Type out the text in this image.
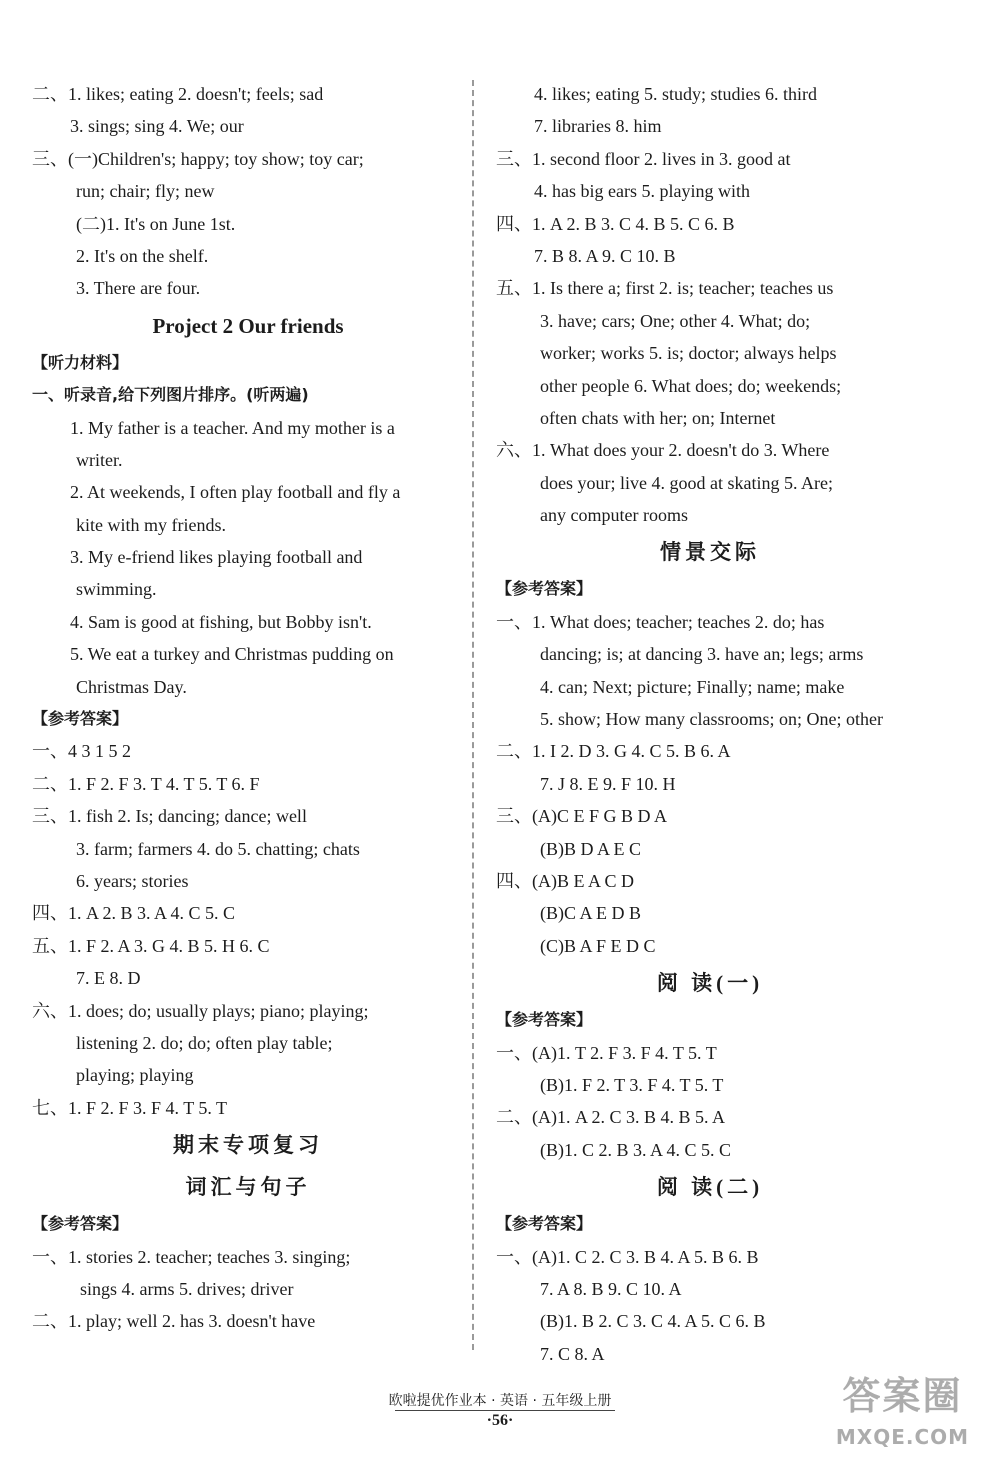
二、1. likes; eating 2. doesn't; feels; sad
3. sings; sing 4. We; our
三、(一)Children's; happy; toy show; toy car;
run; chair; fly; new
(二)1. It's on June 1st.
2. It's on the shelf.
3. There are four.
Project 2 Our friends
【听力材料】
一、听录音,给下列图片排序。(听两遍)
1. My father is a teacher. And my mother is a
writer.
2. At weekends, I often play football and fly a
kite with my friends.
3. My e-friend likes playing football and
swimming.
4. Sam is good at fishing, but Bobby isn't.
5. We eat a turkey and Christmas pudding on
Christmas Day.
【参考答案】
一、4 3 1 5 2
二、1. F 2. F 3. T 4. T 5. T 6. F
三、1. fish 2. Is; dancing; dance; well
3. farm; farmers 4. do 5. chatting; chats
6. years; stories
四、1. A 2. B 3. A 4. C 5. C
五、1. F 2. A 3. G 4. B 5. H 6. C
7. E 8. D
六、1. does; do; usually plays; piano; playing;
listening 2. do; do; often play table;
playing; playing
七、1. F 2. F 3. F 4. T 5. T
期末专项复习
词汇与句子
【参考答案】
一、1. stories 2. teacher; teaches 3. singing;
sings 4. arms 5. drives; driver
二、1. play; well 2. has 3. doesn't have
4. likes; eating 5. study; studies 6. third
7. libraries 8. him
三、1. second floor 2. lives in 3. good at
4. has big ears 5. playing with
四、1. A 2. B 3. C 4. B 5. C 6. B
7. B 8. A 9. C 10. B
五、1. Is there a; first 2. is; teacher; teaches us
3. have; cars; One; other 4. What; do;
worker; works 5. is; doctor; always helps
other people 6. What does; do; weekends;
often chats with her; on; Internet
六、1. What does your 2. doesn't do 3. Where
does your; live 4. good at skating 5. Are;
any computer rooms
情景交际
【参考答案】
一、1. What does; teacher; teaches 2. do; has
dancing; is; at dancing 3. have an; legs; arms
4. can; Next; picture; Finally; name; make
5. show; How many classrooms; on; One; other
二、1. I 2. D 3. G 4. C 5. B 6. A
7. J 8. E 9. F 10. H
三、(A)C E F G B D A
(B)B D A E C
四、(A)B E A C D
(B)C A E D B
(C)B A F E D C
阅 读(一)
【参考答案】
一、(A)1. T 2. F 3. F 4. T 5. T
(B)1. F 2. T 3. F 4. T 5. T
二、(A)1. A 2. C 3. B 4. B 5. A
(B)1. C 2. B 3. A 4. C 5. C
阅 读(二)
【参考答案】
一、(A)1. C 2. C 3. B 4. A 5. B 6. B
7. A 8. B 9. C 10. A
(B)1. B 2. C 3. C 4. A 5. C 6. B
7. C 8. A
欧啦提优作业本 · 英语 · 五年级上册
·56·
答案圈
MXQE.COM
